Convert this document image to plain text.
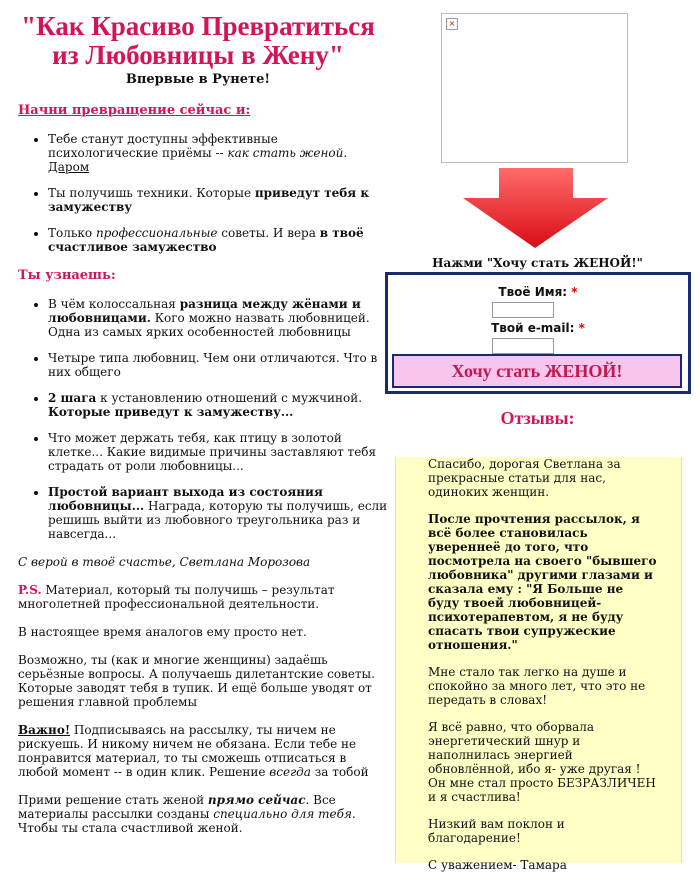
"Как Красиво Превратиться из Любовницы в Жену"
Впервые в Рунете!
Начни превращение сейчас и:
• Тебе станут доступны эффективные психологические приёмы -- как стать женой. Даром
• Ты получишь техники. Которые приведут тебя к замужеству
• Только профессиональные советы. И вера в твоё счастливое замужество
Ты узнаешь:
• В чём колоссальная разница между жёнами и любовницами. Кого можно назвать любовницей. Одна из самых ярких особенностей любовницы
• Четыре типа любовниц. Чем они отличаются. Что в них общего
• 2 шага к установлению отношений с мужчиной. Которые приведут к замужеству...
• Что может держать тебя, как птицу в золотой клетке... Какие видимые причины заставляют тебя страдать от роли любовницы...
• Простой вариант выхода из состояния любовницы... Награда, которую ты получишь, если решишь выйти из любовного треугольника раз и навсегда...

С верой в твоё счастье, Светлана Морозова

P.S. Материал, который ты получишь – результат многолетней профессиональной деятельности.

В настоящее время аналогов ему просто нет.

Возможно, ты (как и многие женщины) задаёшь серьёзные вопросы. А получаешь дилетантские советы. Которые заводят тебя в тупик. И ещё больше уводят от решения главной проблемы

Важно! Подписываясь на рассылку, ты ничем не рискуешь. И никому ничем не обязана. Если тебе не понравится материал, то ты сможешь отписаться в любой момент -- в один клик. Решение всегда за тобой

Прими решение стать женой прямо сейчас. Все материалы рассылки созданы специально для тебя. Чтобы ты стала счастливой женой.

×
Нажми "Хочу стать ЖЕНОЙ!"
Твоё Имя: *
Твой e-mail: *
Хочу стать ЖЕНОЙ!
Отзывы:

Спасибо, дорогая Светлана за прекрасные статьи для нас, одиноких женщин.

После прочтения рассылок, я всё более становилась увереннеё до того, что посмотрела на своего "бывшего любовника" другими глазами и сказала ему : "Я Больше не буду твоей любовницей- психотерапевтом, я не буду спасать твои супружеские отношения."

Мне стало так легко на душе и спокойно за много лет, что это не передать в словах!

Я всё равно, что оборвала энергетический шнур и наполнилась энергией обновлённой, ибо я- уже другая !Он мне стал просто БЕЗРАЗЛИЧЕН и я счастлива!

Низкий вам поклон и благодарение!

С уважением- Тамара
